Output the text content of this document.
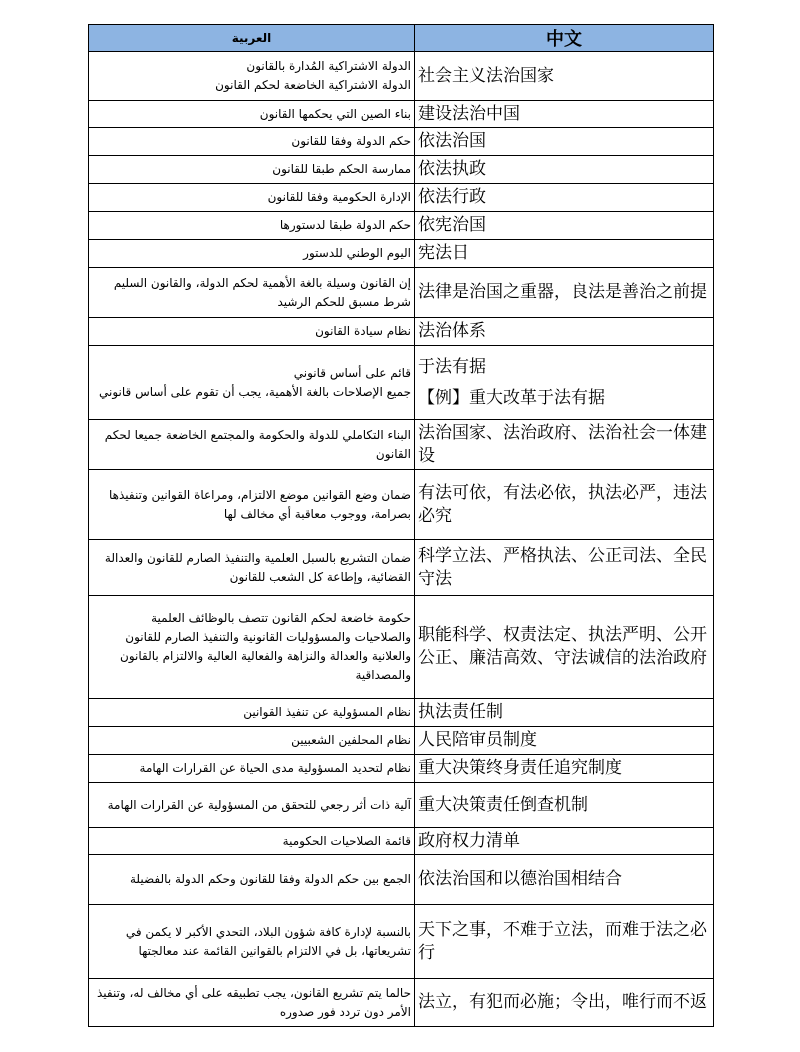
العربية	中文

الدولة الاشتراكية المُدارة بالقانون
الدولة الاشتراكية الخاضعة لحكم القانون	社会主义法治国家
بناء الصين التي يحكمها القانون	建设法治中国
حكم الدولة وفقا للقانون	依法治国
ممارسة الحكم طبقا للقانون	依法执政
الإدارة الحكومية وفقا للقانون	依法行政
حكم الدولة طبقا لدستورها	依宪治国
اليوم الوطني للدستور	宪法日
إن القانون وسيلة بالغة الأهمية لحكم الدولة، والقانون السليم شرط مسبق للحكم الرشيد	法律是治国之重器，良法是善治之前提
نظام سيادة القانون	法治体系

قائم على أساس قانوني
جميع الإصلاحات بالغة الأهمية، يجب أن تقوم على أساس قانوني	于法有据
【例】重大改革于法有据

البناء التكاملي للدولة والحكومة والمجتمع الخاضعة جميعا لحكم القانون	法治国家、法治政府、法治社会一体建设
ضمان وضع القوانين موضع الالتزام، ومراعاة القوانين وتنفيذها بصرامة، ووجوب معاقبة أي مخالف لها	有法可依，有法必依，执法必严，违法必究
ضمان التشريع بالسبل العلمية والتنفيذ الصارم للقانون والعدالة القضائية، وإطاعة كل الشعب للقانون	科学立法、严格执法、公正司法、全民守法
حكومة خاضعة لحكم القانون تتصف بالوظائف العلمية والصلاحيات والمسؤوليات القانونية والتنفيذ الصارم للقانون والعلانية والعدالة والنزاهة والفعالية العالية والالتزام بالقانون والمصداقية	职能科学、权责法定、执法严明、公开公正、廉洁高效、守法诚信的法治政府
نظام المسؤولية عن تنفيذ القوانين	执法责任制
نظام المحلفين الشعبيين	人民陪审员制度
نظام لتحديد المسؤولية مدى الحياة عن القرارات الهامة	重大决策终身责任追究制度
آلية ذات أثر رجعي للتحقق من المسؤولية عن القرارات الهامة	重大决策责任倒查机制
قائمة الصلاحيات الحكومية	政府权力清单
الجمع بين حكم الدولة وفقا للقانون وحكم الدولة بالفضيلة	依法治国和以德治国相结合
بالنسبة لإدارة كافة شؤون البلاد، التحدي الأكبر لا يكمن في تشريعاتها، بل في الالتزام بالقوانين القائمة عند معالجتها	天下之事，不难于立法，而难于法之必行
حالما يتم تشريع القانون، يجب تطبيقه على أي مخالف له، وتنفيذ الأمر دون تردد فور صدوره	法立，有犯而必施；令出，唯行而不返
